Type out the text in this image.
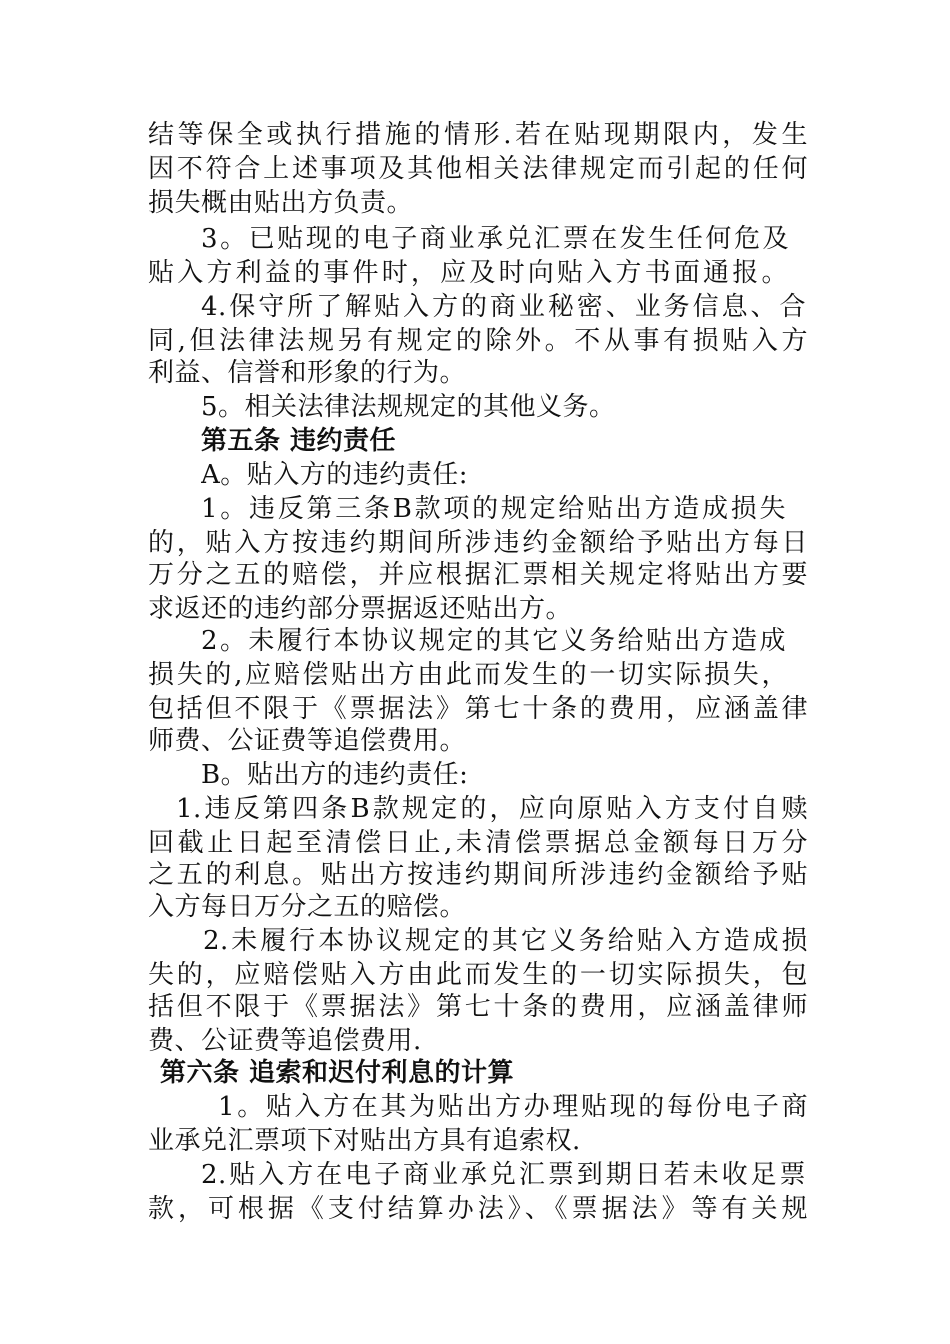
结等保全或执行措施的情形.若在贴现期限内，发生
因不符合上述事项及其他相关法律规定而引起的任何
损失概由贴出方负责。
3。已贴现的电子商业承兑汇票在发生任何危及
贴入方利益的事件时，应及时向贴入方书面通报。
4.保守所了解贴入方的商业秘密、业务信息、合
同,但法律法规另有规定的除外。不从事有损贴入方
利益、信誉和形象的行为。
5。相关法律法规规定的其他义务。
第五条 违约责任
A。贴入方的违约责任:
1。违反第三条B款项的规定给贴出方造成损失
的，贴入方按违约期间所涉违约金额给予贴出方每日
万分之五的赔偿，并应根据汇票相关规定将贴出方要
求返还的违约部分票据返还贴出方。
2。未履行本协议规定的其它义务给贴出方造成
损失的,应赔偿贴出方由此而发生的一切实际损失，
包括但不限于《票据法》第七十条的费用，应涵盖律
师费、公证费等追偿费用。
B。贴出方的违约责任:
1.违反第四条B款规定的，应向原贴入方支付自赎
回截止日起至清偿日止,未清偿票据总金额每日万分
之五的利息。贴出方按违约期间所涉违约金额给予贴
入方每日万分之五的赔偿。
2.未履行本协议规定的其它义务给贴入方造成损
失的，应赔偿贴入方由此而发生的一切实际损失，包
括但不限于《票据法》第七十条的费用，应涵盖律师
费、公证费等追偿费用.
第六条 追索和迟付利息的计算
1。贴入方在其为贴出方办理贴现的每份电子商
业承兑汇票项下对贴出方具有追索权.
2.贴入方在电子商业承兑汇票到期日若未收足票
款，可根据《支付结算办法》、《票据法》等有关规
